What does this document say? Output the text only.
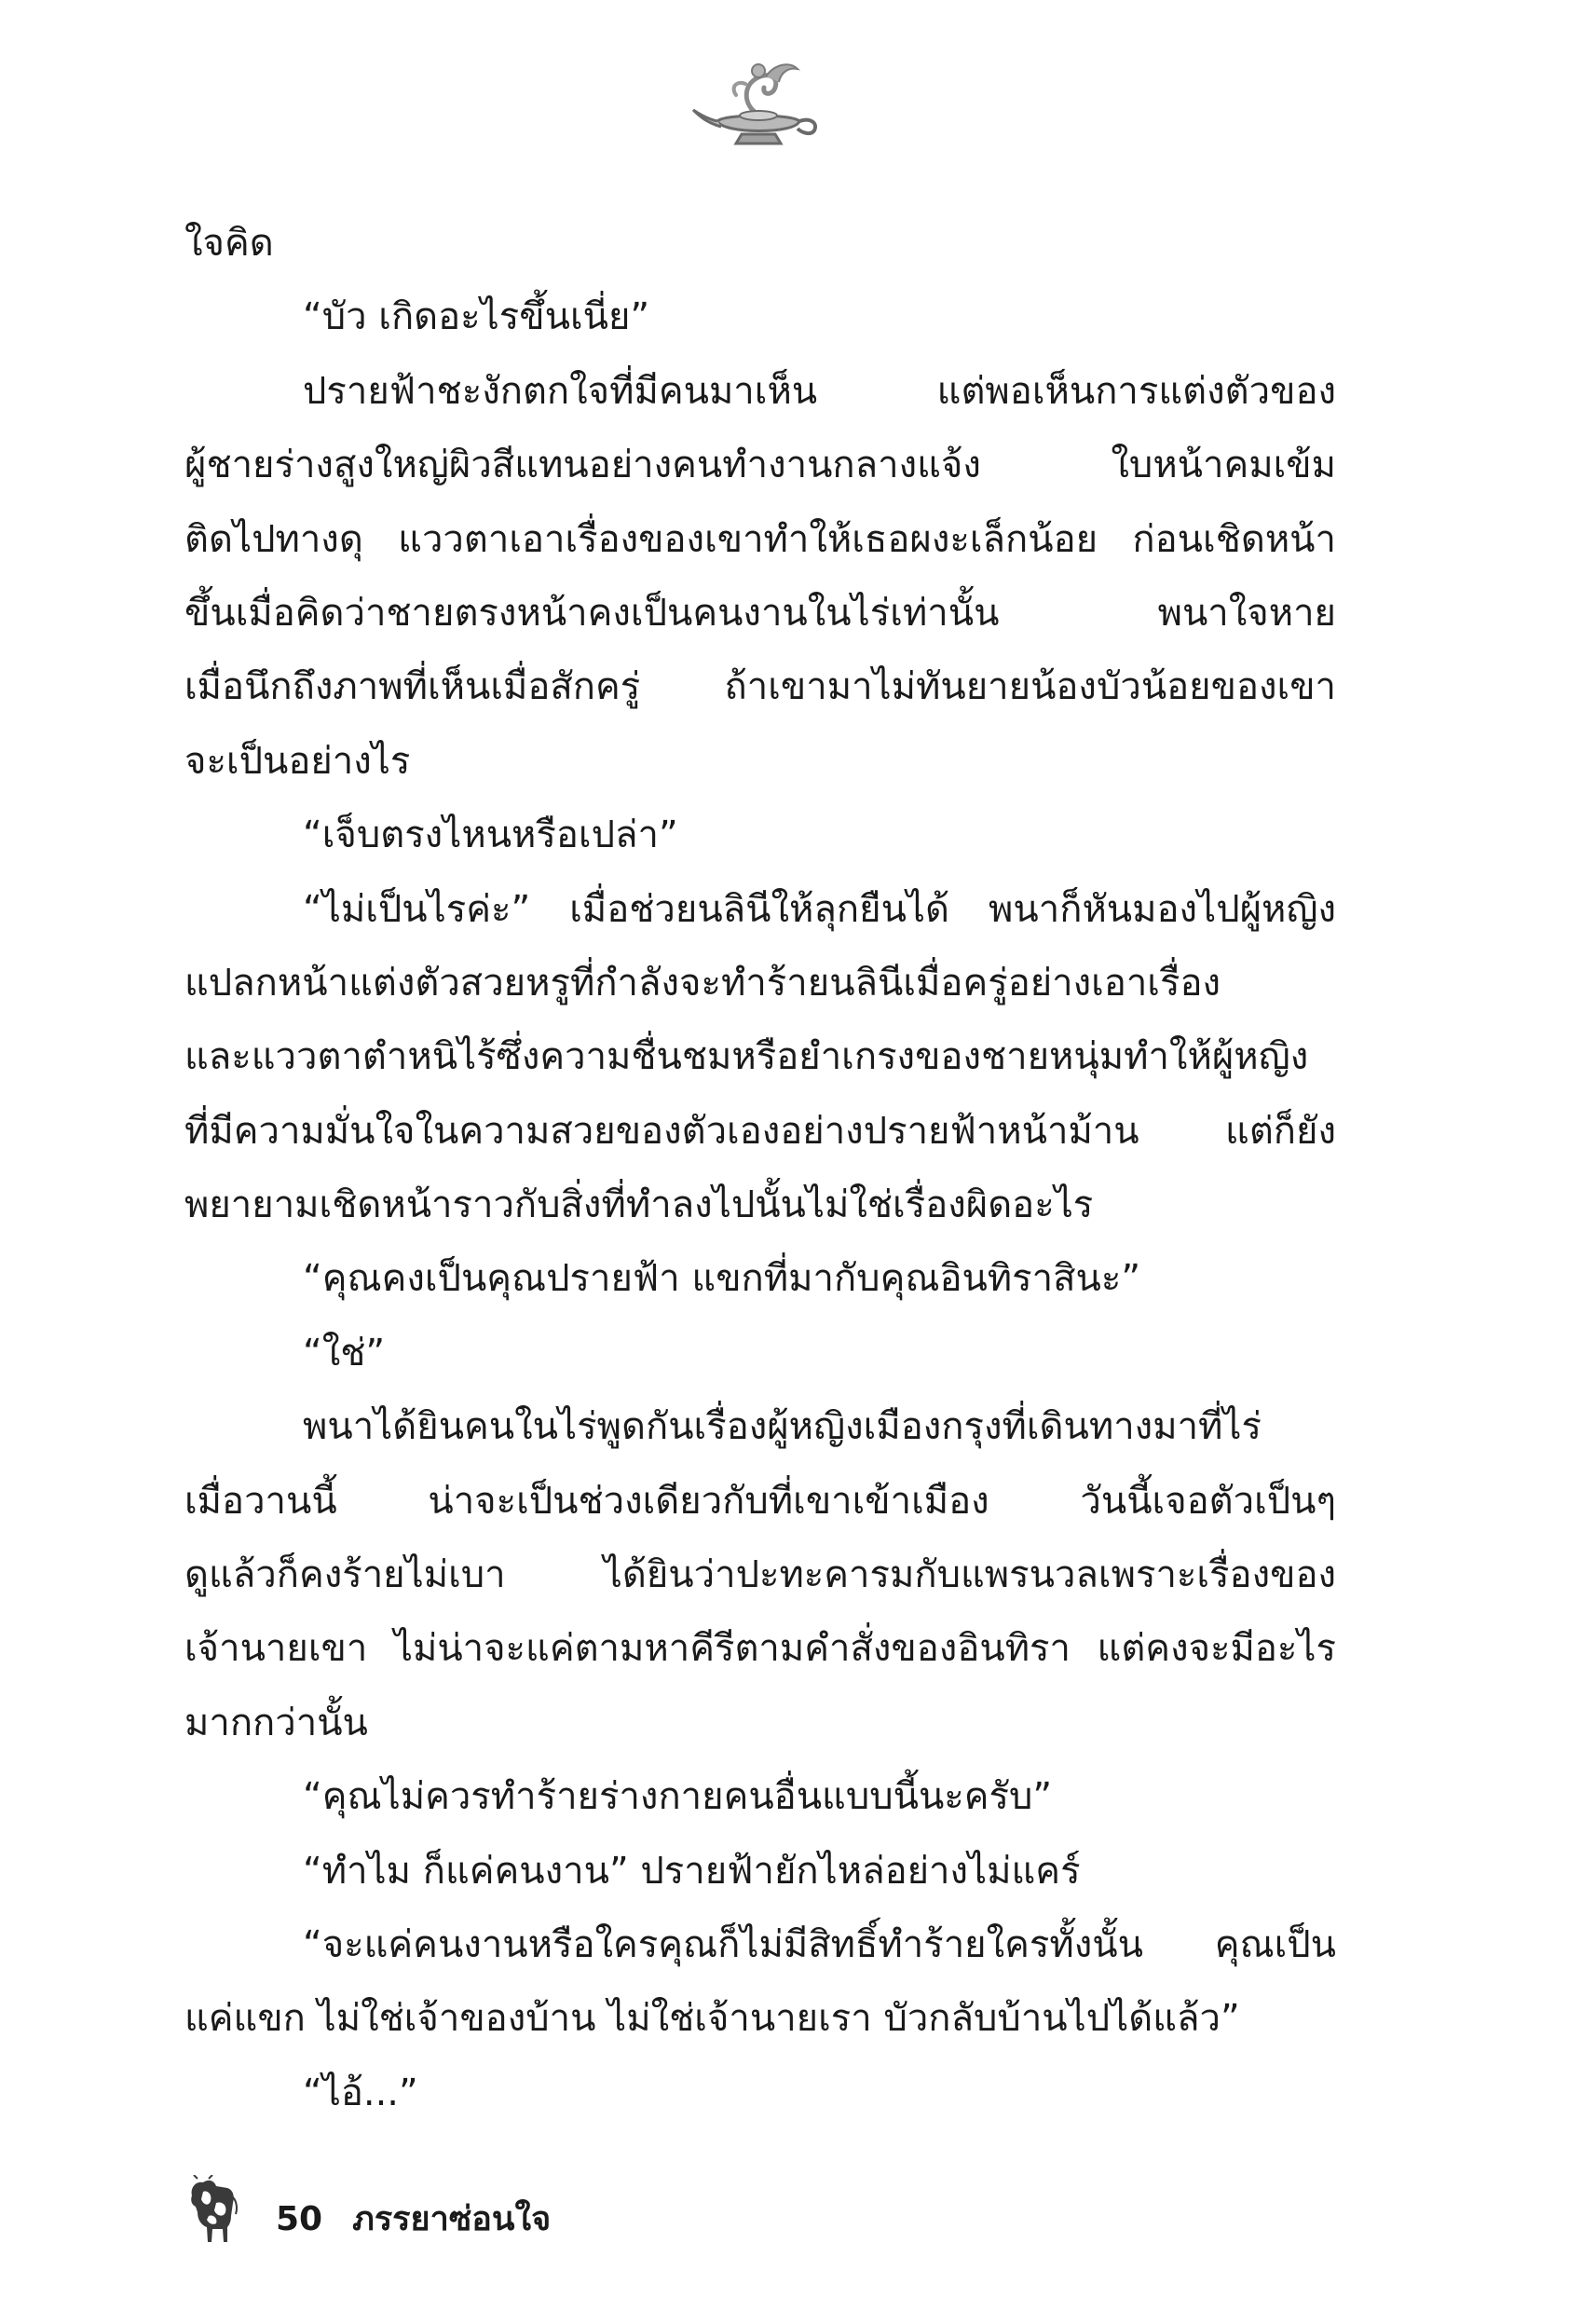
ใจคิด
“บัว เกิดอะไรขึ้นเนี่ย”
ปรายฟ้าชะงักตกใจที่มีคนมาเห็น แต่พอเห็นการแต่งตัวของ
ผู้ชายร่างสูงใหญ่ผิวสีแทนอย่างคนทำงานกลางแจ้ง ใบหน้าคมเข้ม
ติดไปทางดุ แววตาเอาเรื่องของเขาทำให้เธอผงะเล็กน้อย ก่อนเชิดหน้า
ขึ้นเมื่อคิดว่าชายตรงหน้าคงเป็นคนงานในไร่เท่านั้น พนาใจหาย
เมื่อนึกถึงภาพที่เห็นเมื่อสักครู่ ถ้าเขามาไม่ทันยายน้องบัวน้อยของเขา
จะเป็นอย่างไร
“เจ็บตรงไหนหรือเปล่า”
“ไม่เป็นไรค่ะ” เมื่อช่วยนลินีให้ลุกยืนได้ พนาก็หันมองไปผู้หญิง
แปลกหน้าแต่งตัวสวยหรูที่กำลังจะทำร้ายนลินีเมื่อครู่อย่างเอาเรื่อง
และแววตาตำหนิไร้ซึ่งความชื่นชมหรือยำเกรงของชายหนุ่มทำให้ผู้หญิง
ที่มีความมั่นใจในความสวยของตัวเองอย่างปรายฟ้าหน้าม้าน แต่ก็ยัง
พยายามเชิดหน้าราวกับสิ่งที่ทำลงไปนั้นไม่ใช่เรื่องผิดอะไร
“คุณคงเป็นคุณปรายฟ้า แขกที่มากับคุณอินทิราสินะ”
“ใช่”
พนาได้ยินคนในไร่พูดกันเรื่องผู้หญิงเมืองกรุงที่เดินทางมาที่ไร่
เมื่อวานนี้ น่าจะเป็นช่วงเดียวกับที่เขาเข้าเมือง วันนี้เจอตัวเป็นๆ
ดูแล้วก็คงร้ายไม่เบา ได้ยินว่าปะทะคารมกับแพรนวลเพราะเรื่องของ
เจ้านายเขา ไม่น่าจะแค่ตามหาคีรีตามคำสั่งของอินทิรา แต่คงจะมีอะไร
มากกว่านั้น
“คุณไม่ควรทำร้ายร่างกายคนอื่นแบบนี้นะครับ”
“ทำไม ก็แค่คนงาน” ปรายฟ้ายักไหล่อย่างไม่แคร์
“จะแค่คนงานหรือใครคุณก็ไม่มีสิทธิ์ทำร้ายใครทั้งนั้น คุณเป็น
แค่แขก ไม่ใช่เจ้าของบ้าน ไม่ใช่เจ้านายเรา บัวกลับบ้านไปได้แล้ว”
“ไอ้...”
50 ภรรยาซ่อนใจ
